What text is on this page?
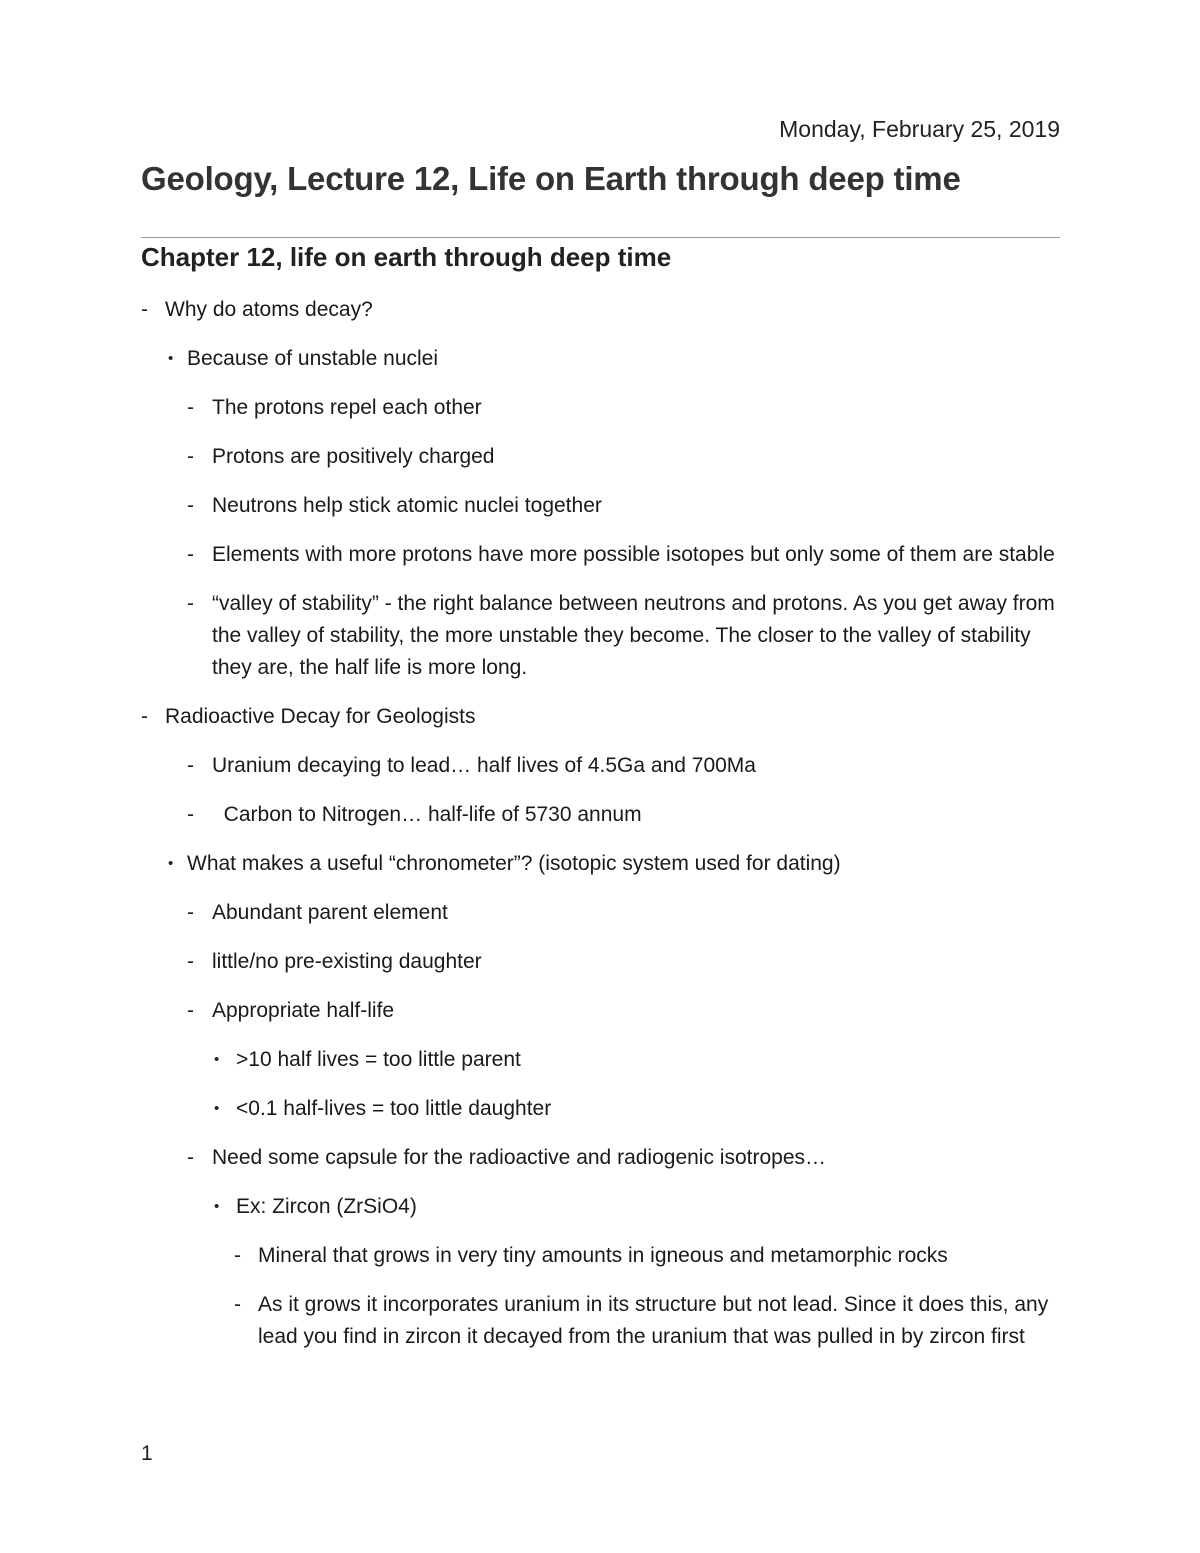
Monday, February 25, 2019
Geology, Lecture 12, Life on Earth through deep time
Chapter 12, life on earth through deep time
- Why do atoms decay?
• Because of unstable nuclei
- The protons repel each other
- Protons are positively charged
- Neutrons help stick atomic nuclei together
- Elements with more protons have more possible isotopes but only some of them are stable
- “valley of stability” - the right balance between neutrons and protons. As you get away from the valley of stability, the more unstable they become. The closer to the valley of stability they are, the half life is more long.
- Radioactive Decay for Geologists
- Uranium decaying to lead… half lives of 4.5Ga and 700Ma
- Carbon to Nitrogen… half-life of 5730 annum
• What makes a useful “chronometer”? (isotopic system used for dating)
- Abundant parent element
- little/no pre-existing daughter
- Appropriate half-life
• >10 half lives = too little parent
• <0.1 half-lives = too little daughter
- Need some capsule for the radioactive and radiogenic isotropes…
• Ex: Zircon (ZrSiO4)
- Mineral that grows in very tiny amounts in igneous and metamorphic rocks
- As it grows it incorporates uranium in its structure but not lead. Since it does this, any lead you find in zircon it decayed from the uranium that was pulled in by zircon first
1
